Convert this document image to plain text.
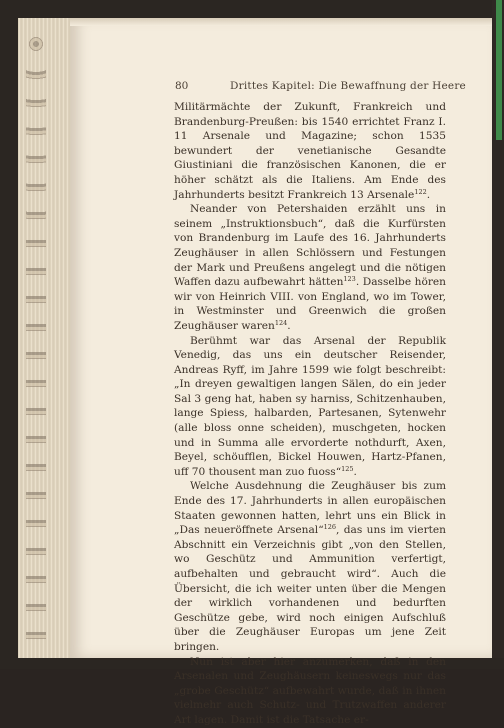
80	Drittes Kapitel: Die Bewaffnung der Heere

Militärmächte der Zukunft, Frankreich und Brandenburg-Preußen: bis 1540 errichtet Franz I. 11 Arsenale und Magazine; schon 1535 bewundert der venetianische Gesandte Giustiniani die französischen Kanonen, die er höher schätzt als die Italiens. Am Ende des Jahrhunderts besitzt Frankreich 13 Arsenale$^{122}$.

Neander von Petershaiden erzählt uns in seinem „Instruktionsbuch“, daß die Kurfürsten von Brandenburg im Laufe des 16. Jahrhunderts Zeughäuser in allen Schlössern und Festungen der Mark und Preußens angelegt und die nötigen Waffen dazu aufbewahrt hätten$^{123}$. Dasselbe hören wir von Heinrich VIII. von England, wo im Tower, in Westminster und Greenwich die großen Zeughäuser waren$^{124}$.

Berühmt war das Arsenal der Republik Venedig, das uns ein deutscher Reisender, Andreas Ryff, im Jahre 1599 wie folgt beschreibt: „In dreyen gewaltigen langen Sälen, do ein jeder Sal 3 geng hat, haben sy harniss, Schitzenhauben, lange Spiess, halbarden, Partesanen, Sytenwehr (alle bloss onne scheiden), muschgeten, hocken und in Summa alle ervorderte nothdurft, Axen, Beyel, schöufflen, Bickel Houwen, Hartz-Pfanen, uff 70 thousent man zuo fuoss“$^{125}$.

Welche Ausdehnung die Zeughäuser bis zum Ende des 17. Jahrhunderts in allen europäischen Staaten gewonnen hatten, lehrt uns ein Blick in „Das neueröffnete Arsenal“$^{126}$, das uns im vierten Abschnitt ein Verzeichnis gibt „von den Stellen, wo Geschütz und Ammunition verfertigt, aufbehalten und gebraucht wird“. Auch die Übersicht, die ich weiter unten über die Mengen der wirklich vorhandenen und bedurften Geschütze gebe, wird noch einigen Aufschluß über die Zeughäuser Europas um jene Zeit bringen.

Nun ist aber hier anzumerken, daß in den Arsenalen und Zeughäusern keineswegs nur das „grobe Geschütz“ aufbewahrt wurde, daß in ihnen vielmehr auch Schutz- und Trutzwaffen anderer Art lagen. Damit ist die Tatsache er-
